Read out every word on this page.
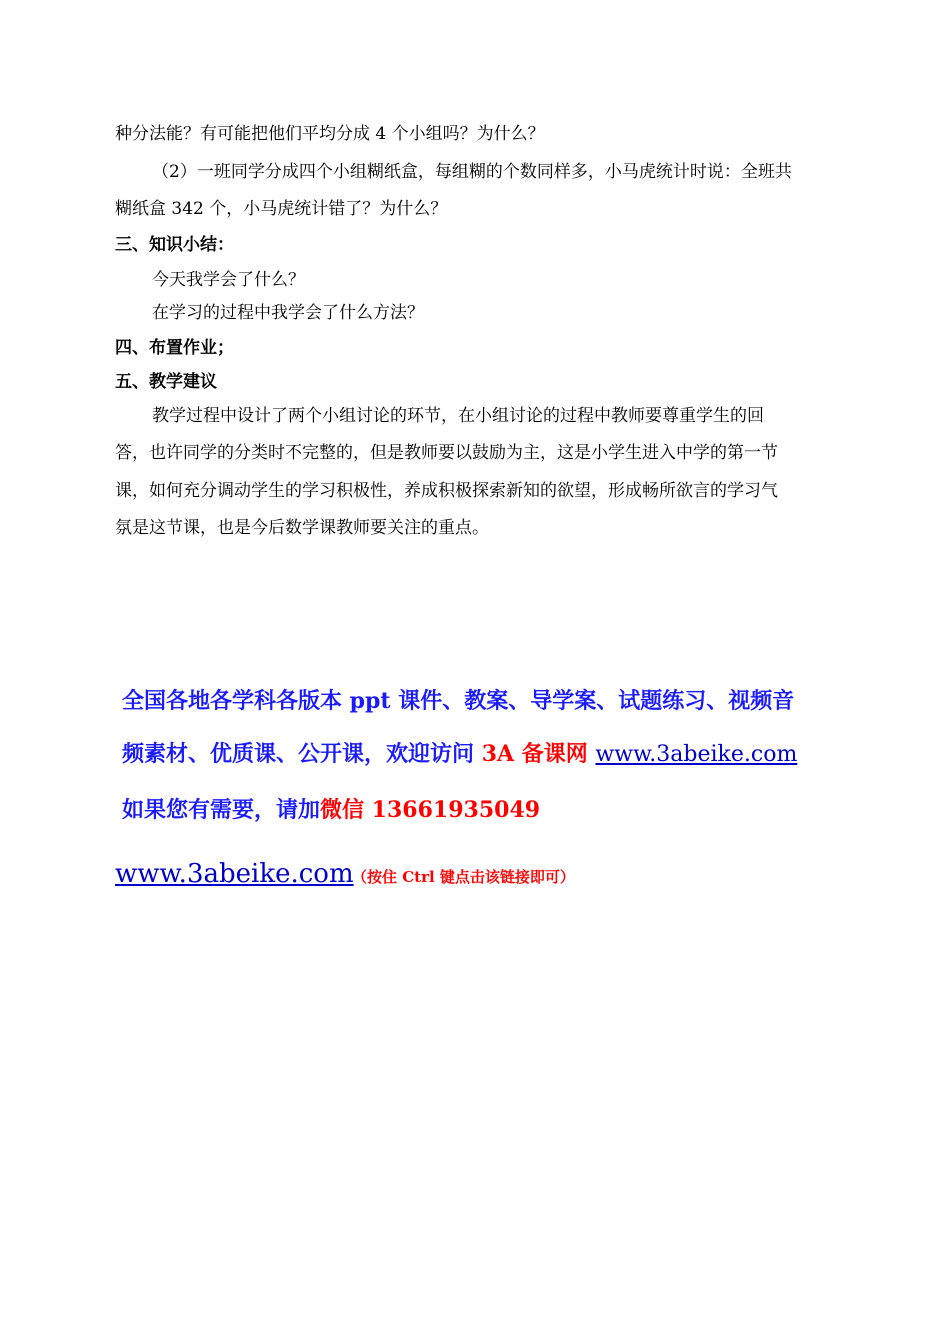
种分法能？有可能把他们平均分成 4 个小组吗？为什么？
（2）一班同学分成四个小组糊纸盒，每组糊的个数同样多，小马虎统计时说：全班共
糊纸盒 342 个，小马虎统计错了？为什么？
三、知识小结：
今天我学会了什么？
在学习的过程中我学会了什么方法？
四、布置作业；
五、教学建议
教学过程中设计了两个小组讨论的环节，在小组讨论的过程中教师要尊重学生的回
答，也许同学的分类时不完整的，但是教师要以鼓励为主，这是小学生进入中学的第一节
课，如何充分调动学生的学习积极性，养成积极探索新知的欲望，形成畅所欲言的学习气
氛是这节课，也是今后数学课教师要关注的重点。
全国各地各学科各版本 ppt 课件、教案、导学案、试题练习、视频音
频素材、优质课、公开课，欢迎访问 3A 备课网 www.3abeike.com
如果您有需要，请加微信 13661935049
www.3abeike.com
（按住 Ctrl 键点击该链接即可）
